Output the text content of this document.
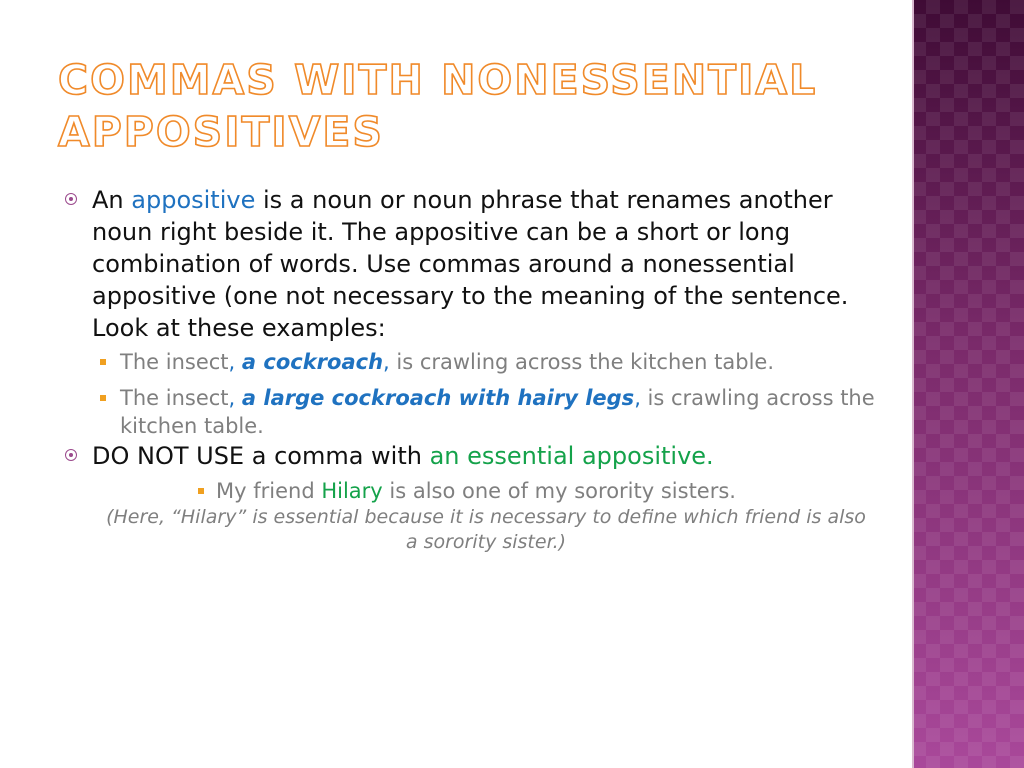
COMMAS WITH NONESSENTIAL APPOSITIVES
An appositive is a noun or noun phrase that renames another noun right beside it. The appositive can be a short or long combination of words. Use commas around a nonessential appositive (one not necessary to the meaning of the sentence. Look at these examples:
The insect, a cockroach, is crawling across the kitchen table.
The insect, a large cockroach with hairy legs, is crawling across the kitchen table.
DO NOT USE a comma with an essential appositive.
My friend Hilary is also one of my sorority sisters.
(Here, “Hilary” is essential because it is necessary to define which friend is also a sorority sister.)
